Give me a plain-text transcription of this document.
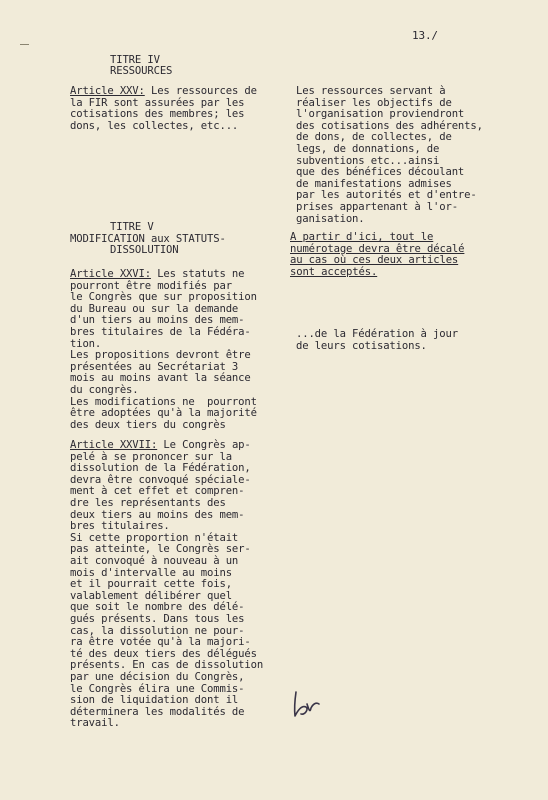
13./
TITRE IV
RESSOURCES
Article XXV: Les ressources de
la FIR sont assurées par les
cotisations des membres; les
dons, les collectes, etc...
Les ressources servant à
réaliser les objectifs de
l'organisation proviendront
des cotisations des adhérents,
de dons, de collectes, de
legs, de donnations, de
subventions etc...ainsi
que des bénéfices découlant
de manifestations admises
par les autorités et d'entre-
prises appartenant à l'or-
ganisation.
TITRE V
MODIFICATION aux STATUTS-
DISSOLUTION
A partir d'ici, tout le
numérotage devra être décalé
au cas où ces deux articles
sont acceptés.
Article XXVI: Les statuts ne
pourront être modifiés par
le Congrès que sur proposition
du Bureau ou sur la demande
d'un tiers au moins des mem-
bres titulaires de la Fédéra-
tion.
Les propositions devront être
présentées au Secrétariat 3
mois au moins avant la séance
du congrès.
Les modifications ne  pourront
être adoptées qu'à la majorité
des deux tiers du congrès
...de la Fédération à jour
de leurs cotisations.
Article XXVII: Le Congrès ap-
pelé à se prononcer sur la
dissolution de la Fédération,
devra être convoqué spéciale-
ment à cet effet et compren-
dre les représentants des
deux tiers au moins des mem-
bres titulaires.
Si cette proportion n'était
pas atteinte, le Congrès ser-
ait convoqué à nouveau à un
mois d'intervalle au moins
et il pourrait cette fois,
valablement délibérer quel
que soit le nombre des délé-
gués présents. Dans tous les
cas, la dissolution ne pour-
ra être votée qu'à la majori-
té des deux tiers des délégués
présents. En cas de dissolution
par une décision du Congrès,
le Congrès élira une Commis-
sion de liquidation dont il
déterminera les modalités de
travail.
